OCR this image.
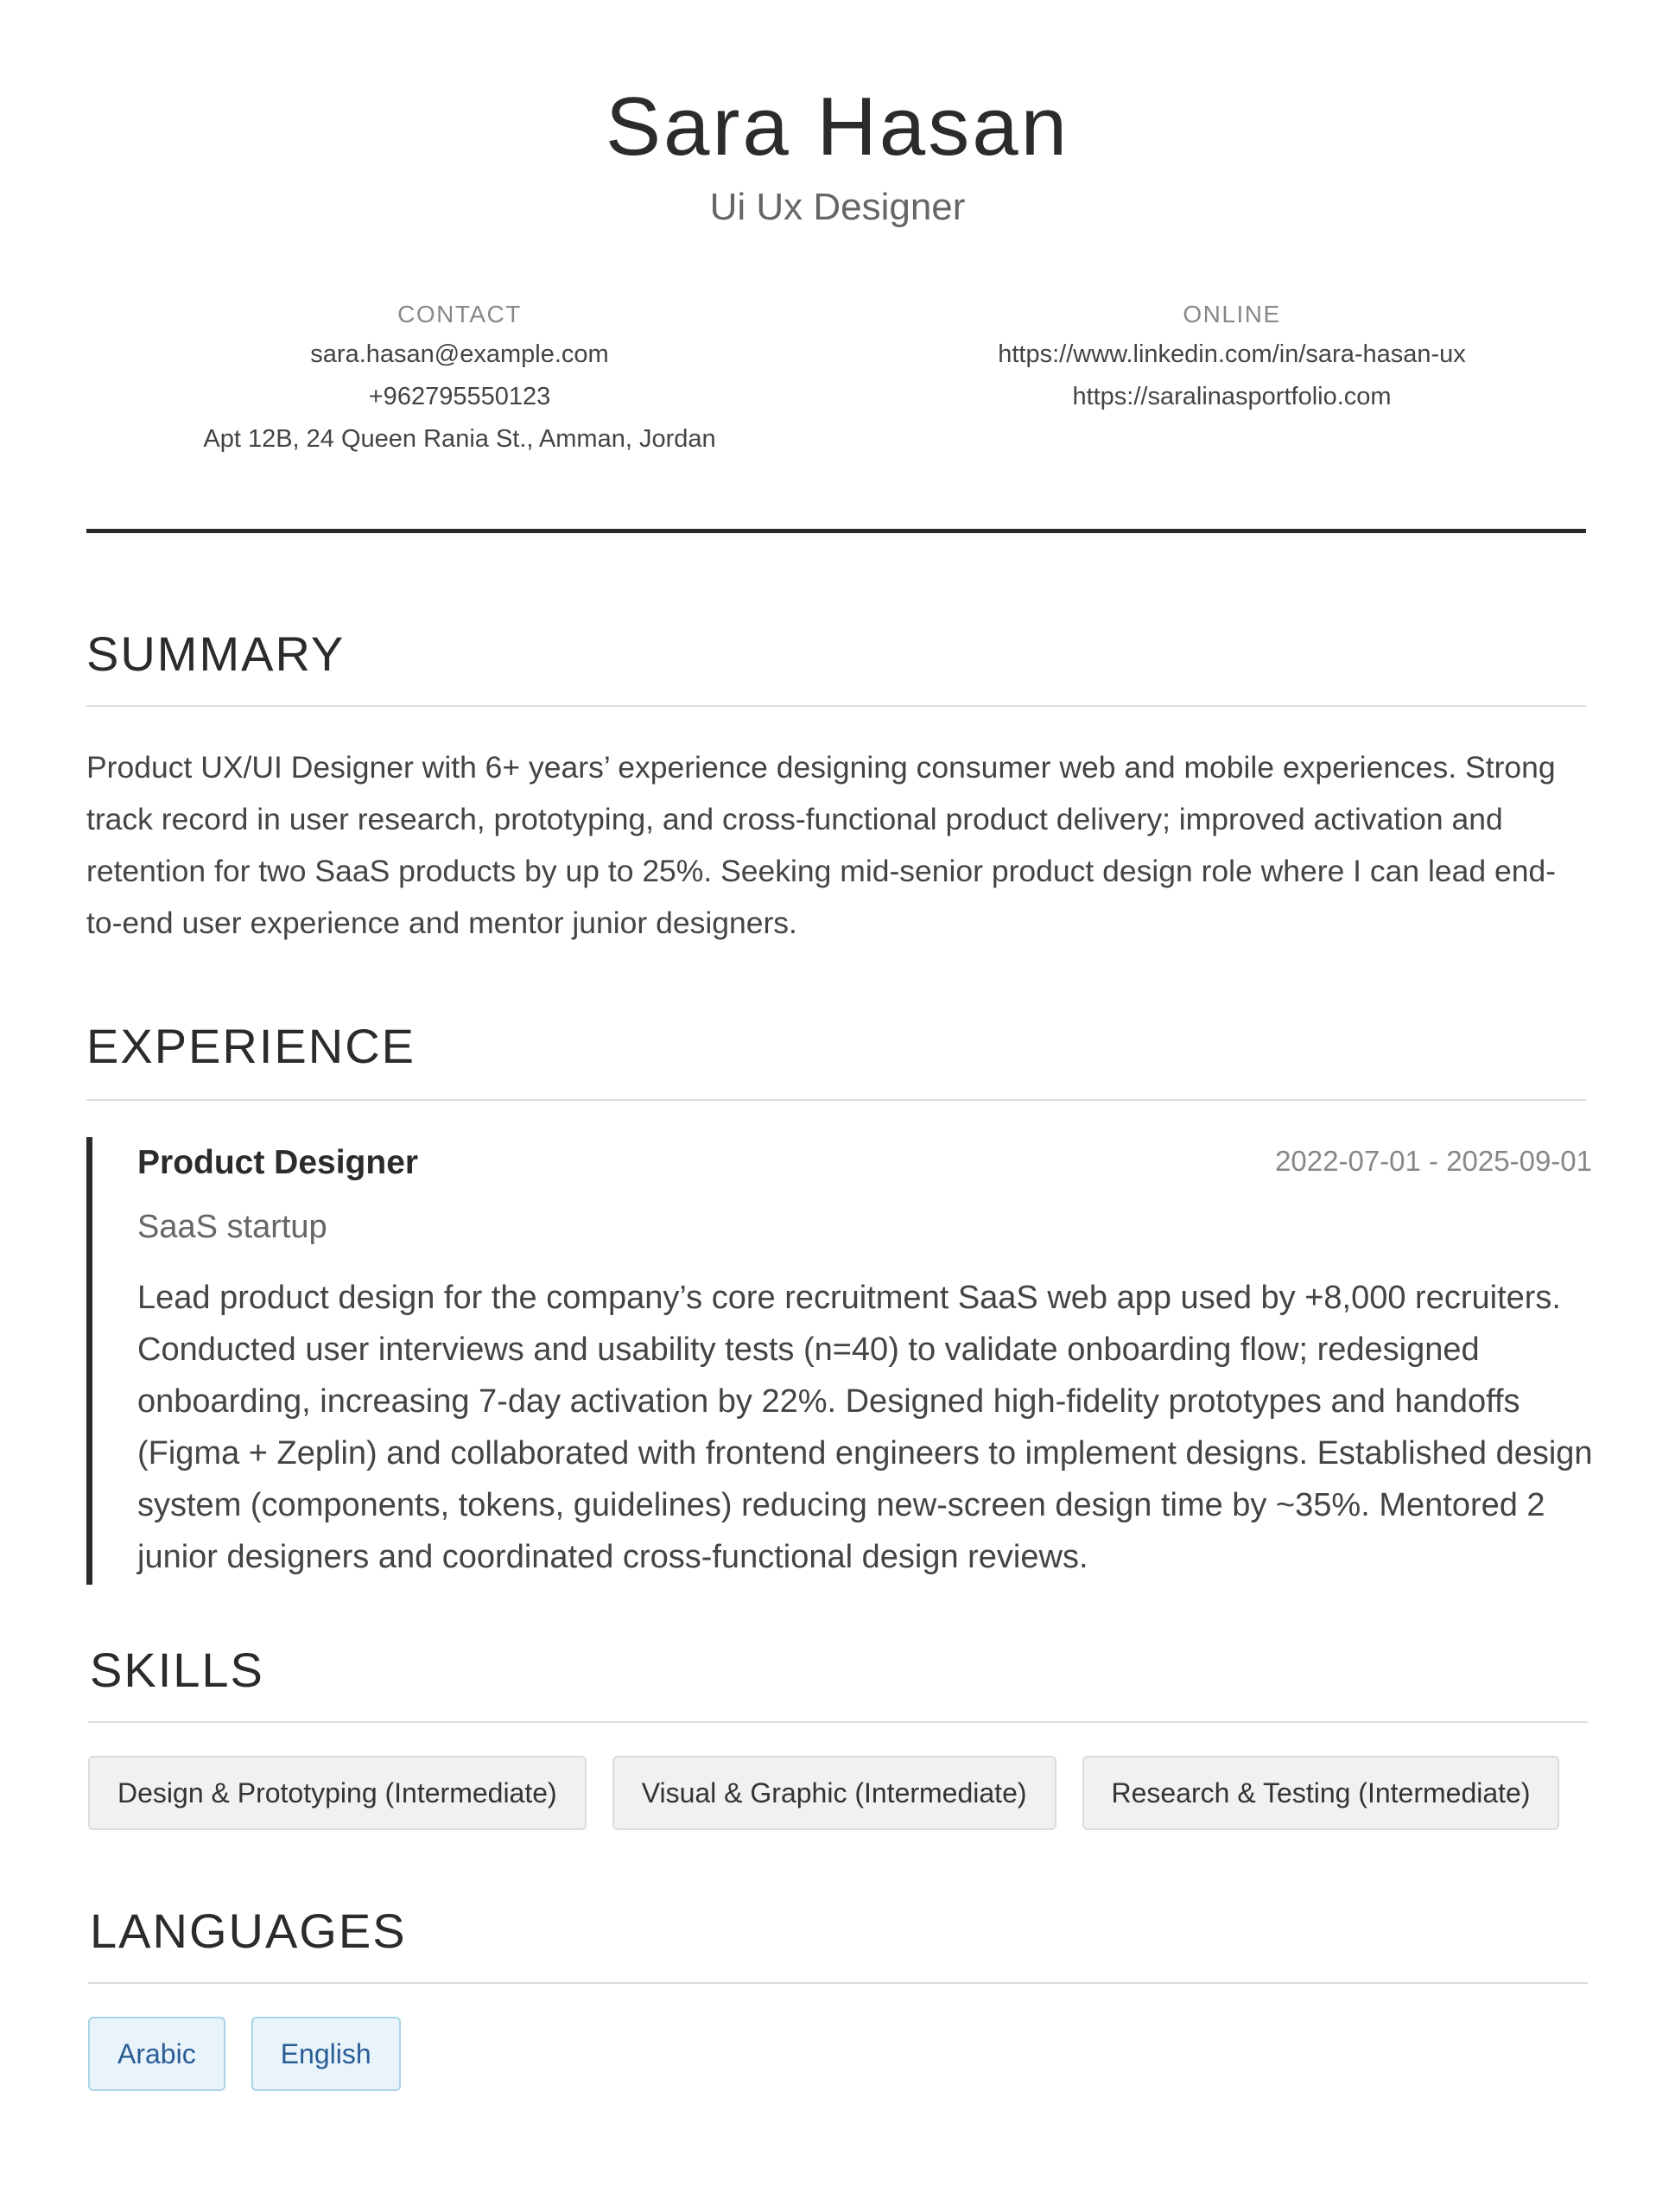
Sara Hasan
Ui Ux Designer
CONTACT
sara.hasan@example.com
+962795550123
Apt 12B, 24 Queen Rania St., Amman, Jordan
ONLINE
https://www.linkedin.com/in/sara-hasan-ux
https://saralinasportfolio.com
SUMMARY
Product UX/UI Designer with 6+ years’ experience designing consumer web and mobile experiences. Strong track record in user research, prototyping, and cross-functional product delivery; improved activation and retention for two SaaS products by up to 25%. Seeking mid-senior product design role where I can lead end-to-end user experience and mentor junior designers.
EXPERIENCE
Product Designer	2022-07-01 - 2025-09-01
SaaS startup
Lead product design for the company’s core recruitment SaaS web app used by +8,000 recruiters. Conducted user interviews and usability tests (n=40) to validate onboarding flow; redesigned onboarding, increasing 7-day activation by 22%. Designed high-fidelity prototypes and handoffs (Figma + Zeplin) and collaborated with frontend engineers to implement designs. Established design system (components, tokens, guidelines) reducing new-screen design time by ~35%. Mentored 2 junior designers and coordinated cross-functional design reviews.
SKILLS
Design & Prototyping (Intermediate)	Visual & Graphic (Intermediate)	Research & Testing (Intermediate)
LANGUAGES
Arabic	English
